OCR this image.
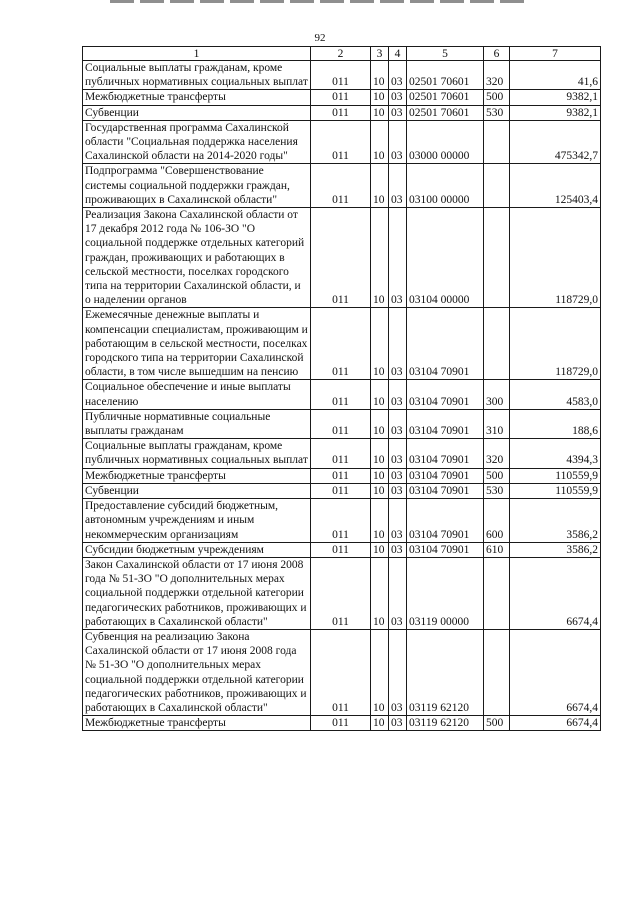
92
1	2	3	4	5	6	7
Социальные выплаты гражданам, кроме публичных нормативных социальных выплат	011	10	03	02501 70601	320	41,6
Межбюджетные трансферты	011	10	03	02501 70601	500	9382,1
Субвенции	011	10	03	02501 70601	530	9382,1
Государственная программа Сахалинской области "Социальная поддержка населения Сахалинской области на 2014-2020 годы"	011	10	03	03000 00000		475342,7
Подпрограмма "Совершенствование системы социальной поддержки граждан, проживающих в Сахалинской области"	011	10	03	03100 00000		125403,4
Реализация Закона Сахалинской области от 17 декабря 2012 года № 106-ЗО "О социальной поддержке отдельных категорий граждан, проживающих и работающих в сельской местности, поселках городского типа на территории Сахалинской области, и о наделении органов	011	10	03	03104 00000		118729,0
Ежемесячные денежные выплаты и компенсации специалистам, проживающим и работающим в сельской местности, поселках городского типа на территории Сахалинской области, в том числе вышедшим на пенсию	011	10	03	03104 70901		118729,0
Социальное обеспечение и иные выплаты населению	011	10	03	03104 70901	300	4583,0
Публичные нормативные социальные выплаты гражданам	011	10	03	03104 70901	310	188,6
Социальные выплаты гражданам, кроме публичных нормативных социальных выплат	011	10	03	03104 70901	320	4394,3
Межбюджетные трансферты	011	10	03	03104 70901	500	110559,9
Субвенции	011	10	03	03104 70901	530	110559,9
Предоставление субсидий бюджетным, автономным учреждениям и иным некоммерческим организациям	011	10	03	03104 70901	600	3586,2
Субсидии бюджетным учреждениям	011	10	03	03104 70901	610	3586,2
Закон Сахалинской области от 17 июня 2008 года № 51-ЗО "О дополнительных мерах социальной поддержки отдельной категории педагогических работников, проживающих и работающих в Сахалинской области"	011	10	03	03119 00000		6674,4
Субвенция на реализацию Закона Сахалинской области от 17 июня 2008 года № 51-ЗО "О дополнительных мерах социальной поддержки отдельной категории педагогических работников, проживающих и работающих в Сахалинской области"	011	10	03	03119 62120		6674,4
Межбюджетные трансферты	011	10	03	03119 62120	500	6674,4
